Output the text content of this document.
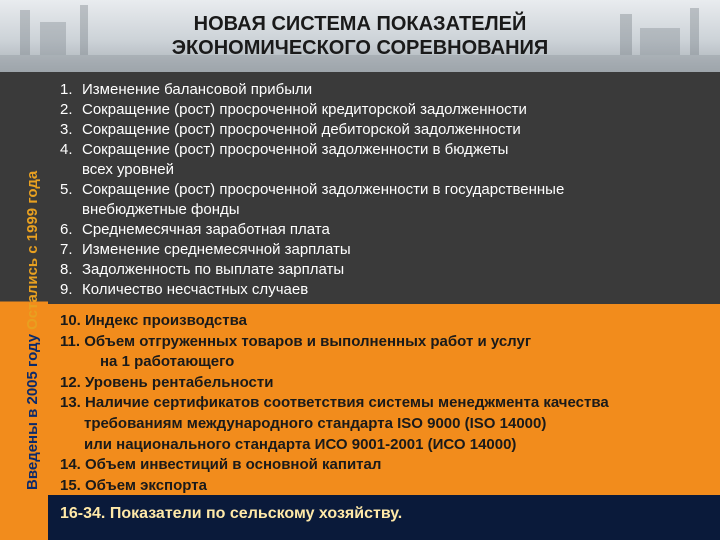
НОВАЯ СИСТЕМА ПОКАЗАТЕЛЕЙ
ЭКОНОМИЧЕСКОГО СОРЕВНОВАНИЯ
Введены в 2005 годуОстались с 1999 года
1. Изменение балансовой прибыли
2. Сокращение (рост) просроченной кредиторской задолженности
3. Сокращение (рост) просроченной дебиторской задолженности
4. Сокращение (рост) просроченной задолженности в бюджеты
всех уровней
5. Сокращение (рост) просроченной задолженности в государственные
внебюджетные фонды
6. Среднемесячная заработная плата
7. Изменение среднемесячной зарплаты
8. Задолженность по выплате зарплаты
9. Количество несчастных случаев
10. Индекс производства
11. Объем отгруженных товаров и выполненных работ и услуг
на 1 работающего
12. Уровень рентабельности
13. Наличие сертификатов соответствия системы менеджмента качества
требованиям международного стандарта ISO 9000 (ISO 14000)
или национального стандарта ИСО 9001-2001 (ИСО 14000)
14. Объем инвестиций в основной капитал
15. Объем экспорта
16-34. Показатели по сельскому хозяйству.
